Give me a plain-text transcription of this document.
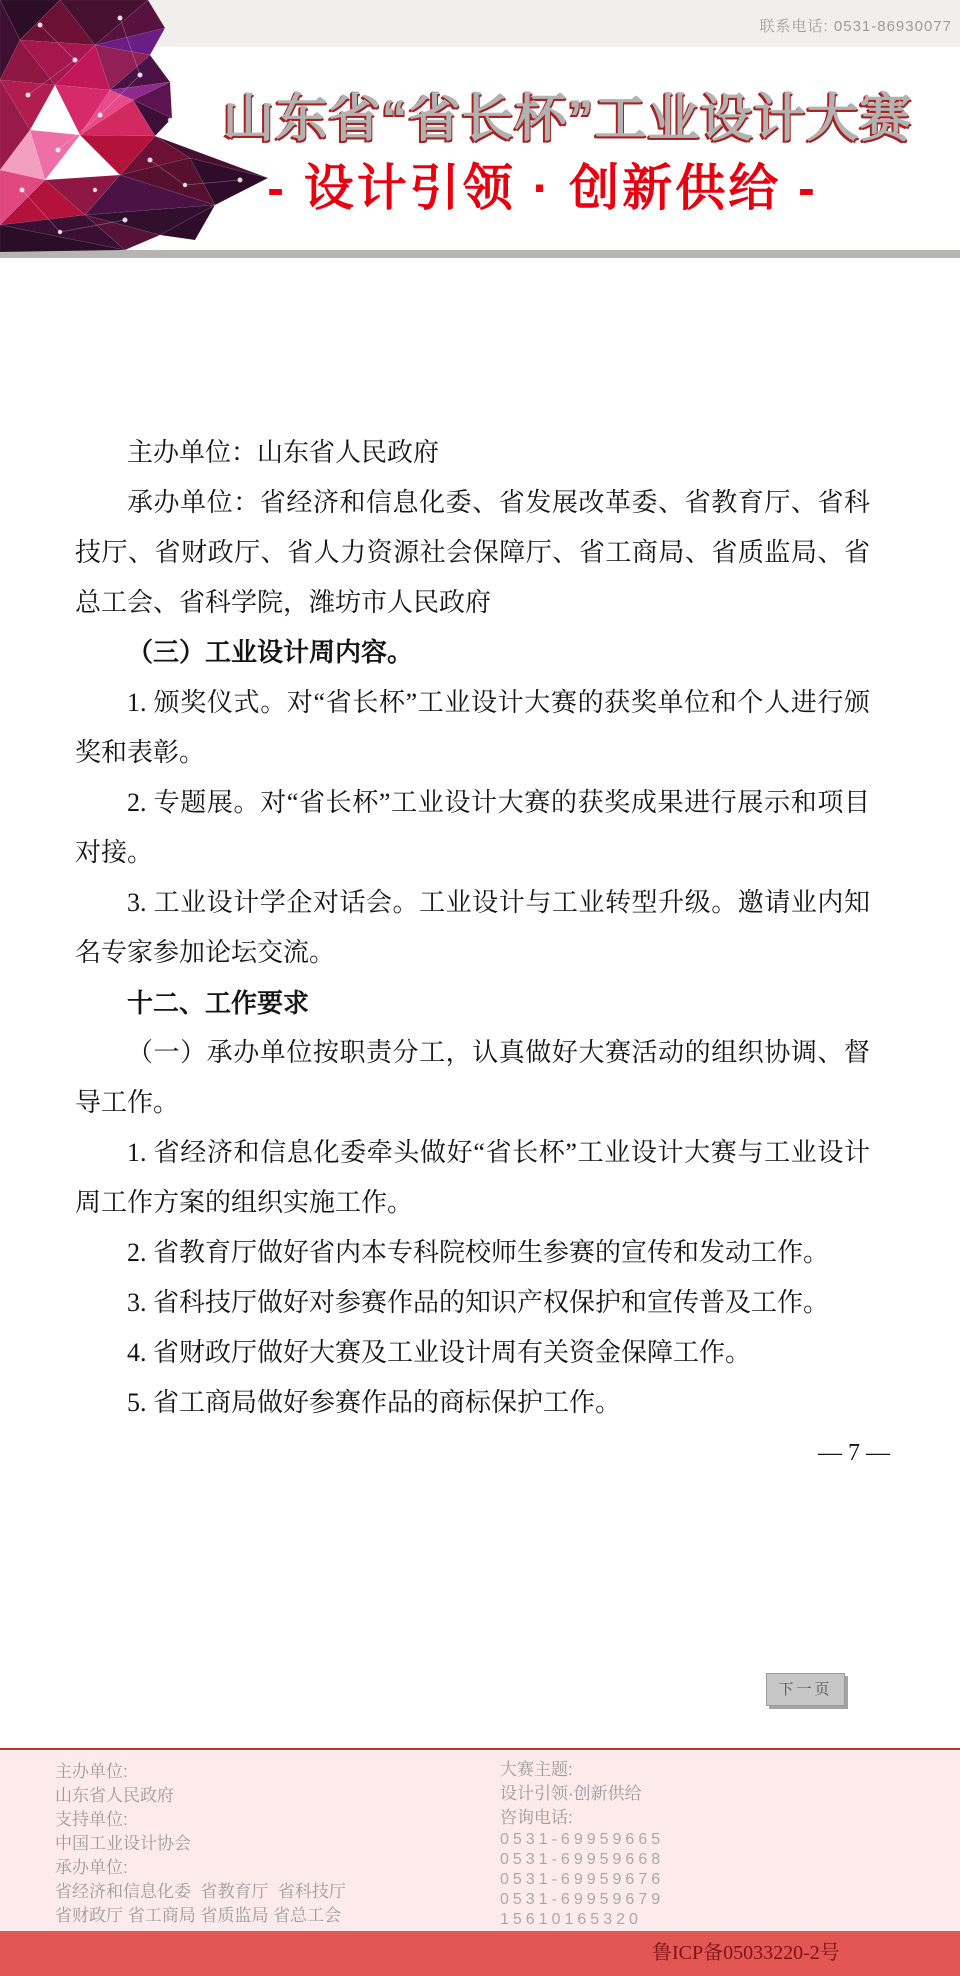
联系电话: 0531-86930077
山东省“省长杯”工业设计大赛
- 设计引领 · 创新供给 -

主办单位：山东省人民政府

承办单位：省经济和信息化委、省发展改革委、省教育厅、省科技厅、省财政厅、省人力资源社会保障厅、省工商局、省质监局、省总工会、省科学院，潍坊市人民政府

（三）工业设计周内容。

1. 颁奖仪式。对“省长杯”工业设计大赛的获奖单位和个人进行颁奖和表彰。

2. 专题展。对“省长杯”工业设计大赛的获奖成果进行展示和项目对接。

3. 工业设计学企对话会。工业设计与工业转型升级。邀请业内知名专家参加论坛交流。

十二、工作要求

（一）承办单位按职责分工，认真做好大赛活动的组织协调、督导工作。

1. 省经济和信息化委牵头做好“省长杯”工业设计大赛与工业设计周工作方案的组织实施工作。

2. 省教育厅做好省内本专科院校师生参赛的宣传和发动工作。

3. 省科技厅做好对参赛作品的知识产权保护和宣传普及工作。

4. 省财政厅做好大赛及工业设计周有关资金保障工作。

5. 省工商局做好参赛作品的商标保护工作。

— 7 —

下一页
主办单位:
山东省人民政府
支持单位:
中国工业设计协会
承办单位:
省经济和信息化委  省教育厅  省科技厅
省财政厅 省工商局 省质监局 省总工会
大赛主题:
设计引领·创新供给
咨询电话:
0531-69959665
0531-69959668
0531-69959676
0531-69959679
15610165320
鲁ICP备05033220-2号
